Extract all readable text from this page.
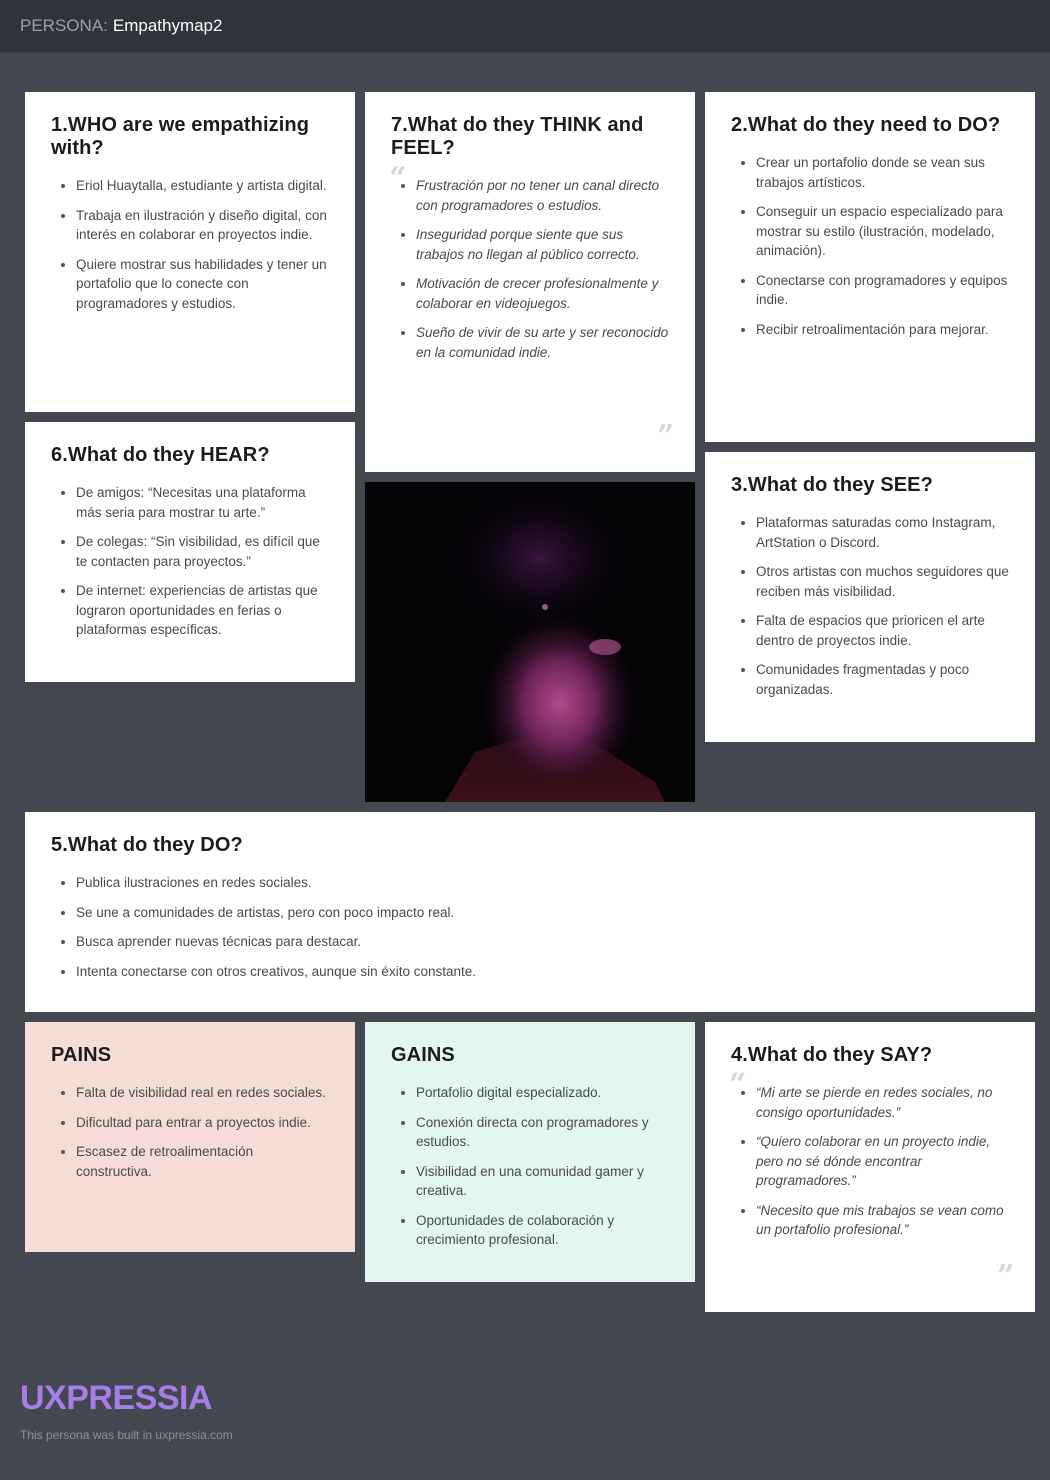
PERSONA: Empathymap2
1.WHO are we empathizing with?
• Eriol Huaytalla, estudiante y artista digital.
• Trabaja en ilustración y diseño digital, con interés en colaborar en proyectos indie.
• Quiere mostrar sus habilidades y tener un portafolio que lo conecte con programadores y estudios.
7.What do they THINK and FEEL?
“ • Frustración por no tener un canal directo con programadores o estudios.
• Inseguridad porque siente que sus trabajos no llegan al público correcto.
• Motivación de crecer profesionalmente y colaborar en videojuegos.
• Sueño de vivir de su arte y ser reconocido en la comunidad indie.
”
2.What do they need to DO?
• Crear un portafolio donde se vean sus trabajos artísticos.
• Conseguir un espacio especializado para mostrar su estilo (ilustración, modelado, animación).
• Conectarse con programadores y equipos indie.
• Recibir retroalimentación para mejorar.
6.What do they HEAR?
• De amigos: “Necesitas una plataforma más seria para mostrar tu arte.”
• De colegas: “Sin visibilidad, es difícil que te contacten para proyectos.”
• De internet: experiencias de artistas que lograron oportunidades en ferias o plataformas específicas.
3.What do they SEE?
• Plataformas saturadas como Instagram, ArtStation o Discord.
• Otros artistas con muchos seguidores que reciben más visibilidad.
• Falta de espacios que prioricen el arte dentro de proyectos indie.
• Comunidades fragmentadas y poco organizadas.
5.What do they DO?
• Publica ilustraciones en redes sociales.
• Se une a comunidades de artistas, pero con poco impacto real.
• Busca aprender nuevas técnicas para destacar.
• Intenta conectarse con otros creativos, aunque sin éxito constante.
PAINS
• Falta de visibilidad real en redes sociales.
• Dificultad para entrar a proyectos indie.
• Escasez de retroalimentación constructiva.
GAINS
• Portafolio digital especializado.
• Conexión directa con programadores y estudios.
• Visibilidad en una comunidad gamer y creativa.
• Oportunidades de colaboración y crecimiento profesional.
4.What do they SAY?
“ • “Mi arte se pierde en redes sociales, no consigo oportunidades.”
• “Quiero colaborar en un proyecto indie, pero no sé dónde encontrar programadores.”
• “Necesito que mis trabajos se vean como un portafolio profesional.”
”
UXPRESSIA
This persona was built in uxpressia.com
